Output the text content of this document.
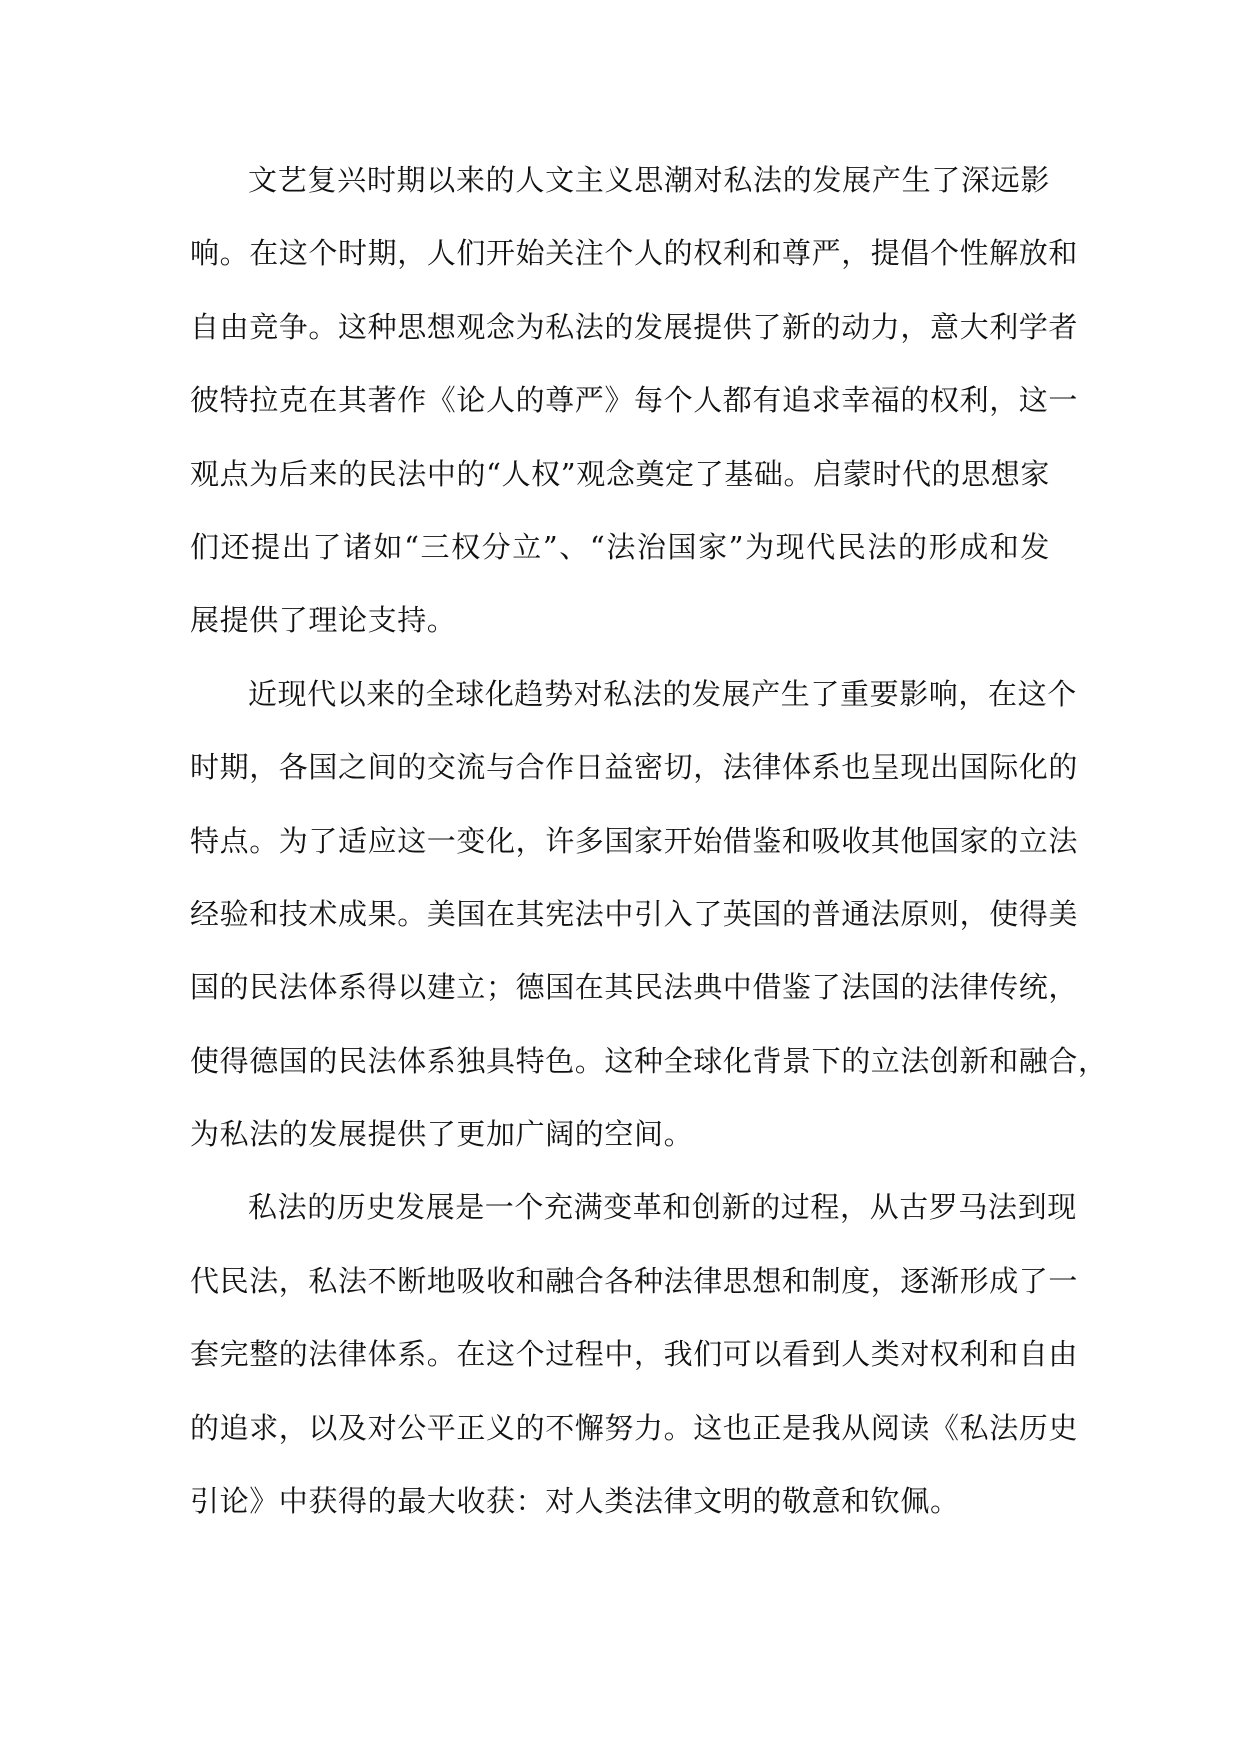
文艺复兴时期以来的人文主义思潮对私法的发展产生了深远影
响。在这个时期，人们开始关注个人的权利和尊严，提倡个性解放和
自由竞争。这种思想观念为私法的发展提供了新的动力，意大利学者
彼特拉克在其著作《论人的尊严》每个人都有追求幸福的权利，这一
观点为后来的民法中的“人权”观念奠定了基础。启蒙时代的思想家
们还提出了诸如“三权分立”、“法治国家”为现代民法的形成和发
展提供了理论支持。
近现代以来的全球化趋势对私法的发展产生了重要影响，在这个
时期，各国之间的交流与合作日益密切，法律体系也呈现出国际化的
特点。为了适应这一变化，许多国家开始借鉴和吸收其他国家的立法
经验和技术成果。美国在其宪法中引入了英国的普通法原则，使得美
国的民法体系得以建立；德国在其民法典中借鉴了法国的法律传统，
使得德国的民法体系独具特色。这种全球化背景下的立法创新和融合，
为私法的发展提供了更加广阔的空间。
私法的历史发展是一个充满变革和创新的过程，从古罗马法到现
代民法，私法不断地吸收和融合各种法律思想和制度，逐渐形成了一
套完整的法律体系。在这个过程中，我们可以看到人类对权利和自由
的追求，以及对公平正义的不懈努力。这也正是我从阅读《私法历史
引论》中获得的最大收获：对人类法律文明的敬意和钦佩。
